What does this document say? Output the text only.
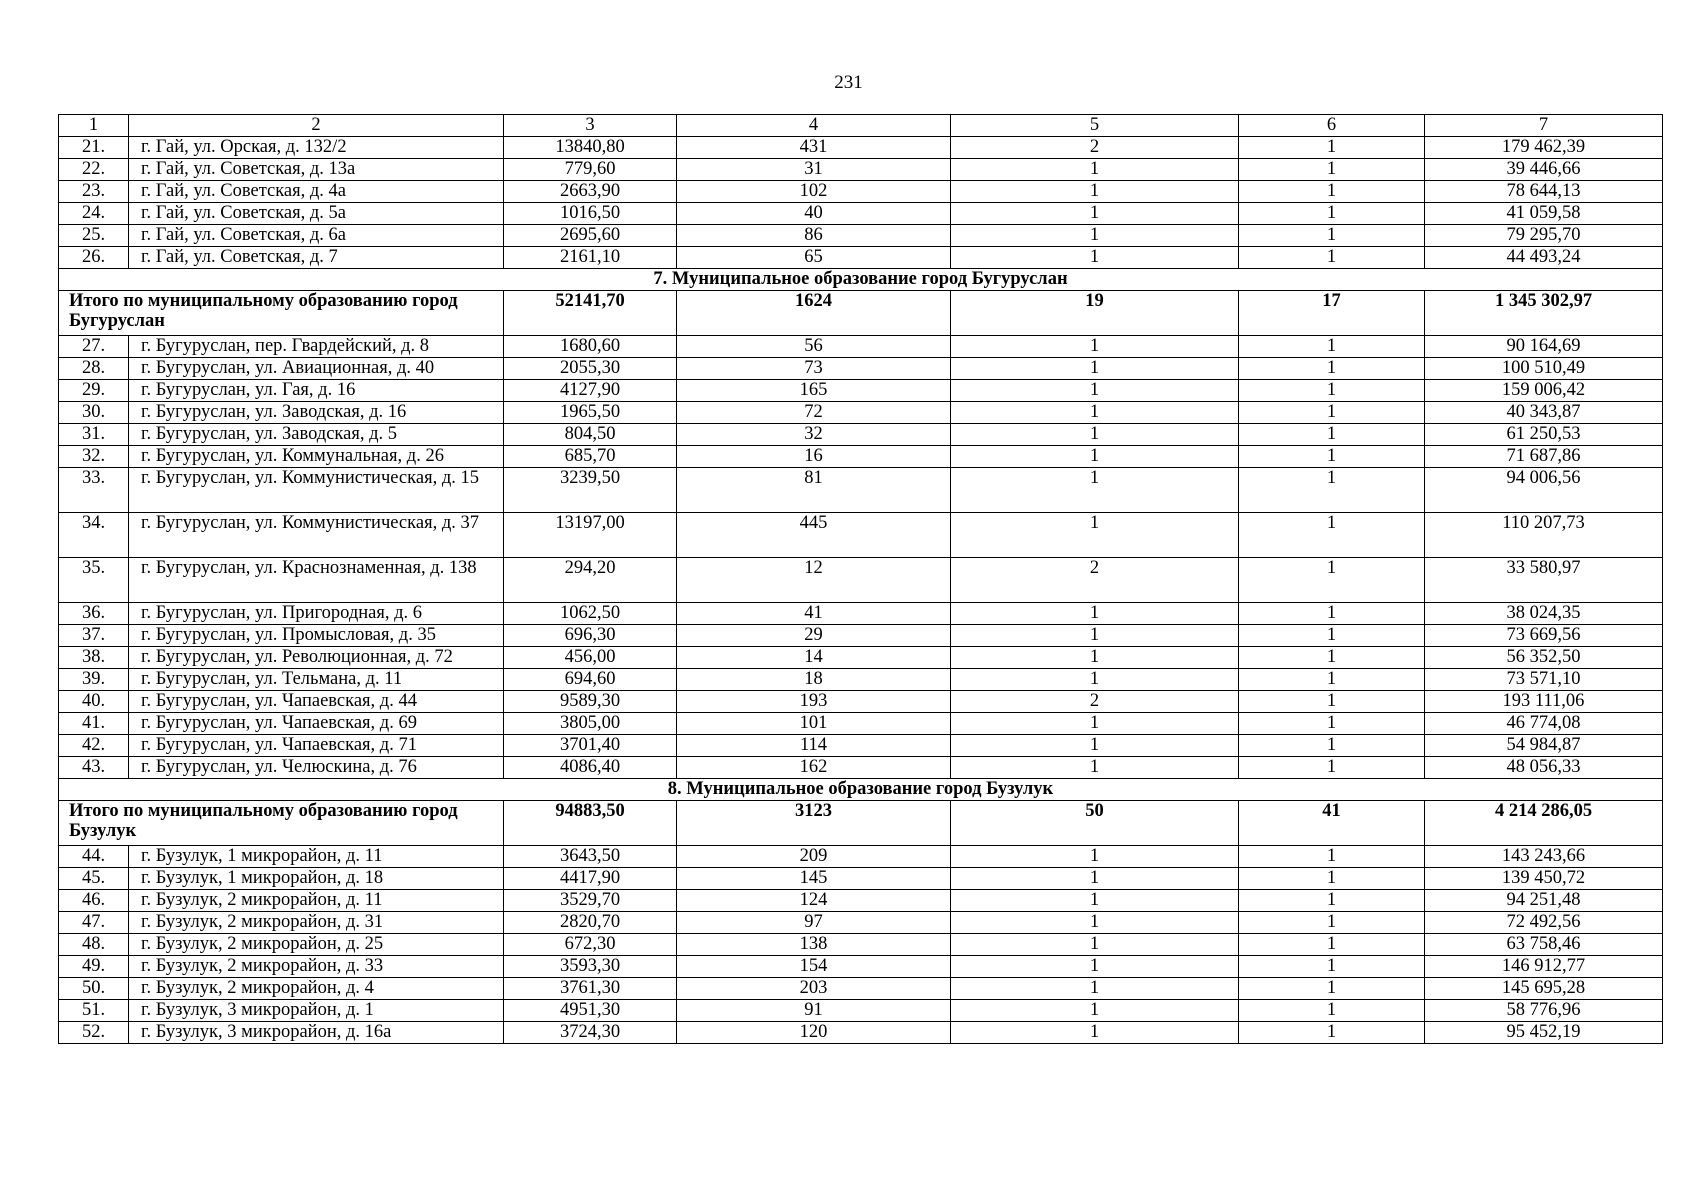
231
1	2	3	4	5	6	7
21.	г. Гай, ул. Орская, д. 132/2	13840,80	431	2	1	179 462,39
22.	г. Гай, ул. Советская, д. 13а	779,60	31	1	1	39 446,66
23.	г. Гай, ул. Советская, д. 4а	2663,90	102	1	1	78 644,13
24.	г. Гай, ул. Советская, д. 5а	1016,50	40	1	1	41 059,58
25.	г. Гай, ул. Советская, д. 6а	2695,60	86	1	1	79 295,70
26.	г. Гай, ул. Советская, д. 7	2161,10	65	1	1	44 493,24
7. Муниципальное образование город Бугуруслан						
Итого по муниципальному образованию город Бугуруслан		52141,70	1624	19	17	1 345 302,97
27.	г. Бугуруслан, пер. Гвардейский, д. 8	1680,60	56	1	1	90 164,69
28.	г. Бугуруслан, ул. Авиационная, д. 40	2055,30	73	1	1	100 510,49
29.	г. Бугуруслан, ул. Гая, д. 16	4127,90	165	1	1	159 006,42
30.	г. Бугуруслан, ул. Заводская, д. 16	1965,50	72	1	1	40 343,87
31.	г. Бугуруслан, ул. Заводская, д. 5	804,50	32	1	1	61 250,53
32.	г. Бугуруслан, ул. Коммунальная, д. 26	685,70	16	1	1	71 687,86
33.	г. Бугуруслан, ул. Коммунистическая, д. 15	3239,50	81	1	1	94 006,56
34.	г. Бугуруслан, ул. Коммунистическая, д. 37	13197,00	445	1	1	110 207,73
35.	г. Бугуруслан, ул. Краснознаменная, д. 138	294,20	12	2	1	33 580,97
36.	г. Бугуруслан, ул. Пригородная, д. 6	1062,50	41	1	1	38 024,35
37.	г. Бугуруслан, ул. Промысловая, д. 35	696,30	29	1	1	73 669,56
38.	г. Бугуруслан, ул. Революционная, д. 72	456,00	14	1	1	56 352,50
39.	г. Бугуруслан, ул. Тельмана, д. 11	694,60	18	1	1	73 571,10
40.	г. Бугуруслан, ул. Чапаевская, д. 44	9589,30	193	2	1	193 111,06
41.	г. Бугуруслан, ул. Чапаевская, д. 69	3805,00	101	1	1	46 774,08
42.	г. Бугуруслан, ул. Чапаевская, д. 71	3701,40	114	1	1	54 984,87
43.	г. Бугуруслан, ул. Челюскина, д. 76	4086,40	162	1	1	48 056,33
8. Муниципальное образование город Бузулук						
Итого по муниципальному образованию город Бузулук		94883,50	3123	50	41	4 214 286,05
44.	г. Бузулук, 1 микрорайон, д. 11	3643,50	209	1	1	143 243,66
45.	г. Бузулук, 1 микрорайон, д. 18	4417,90	145	1	1	139 450,72
46.	г. Бузулук, 2 микрорайон, д. 11	3529,70	124	1	1	94 251,48
47.	г. Бузулук, 2 микрорайон, д. 31	2820,70	97	1	1	72 492,56
48.	г. Бузулук, 2 микрорайон, д. 25	672,30	138	1	1	63 758,46
49.	г. Бузулук, 2 микрорайон, д. 33	3593,30	154	1	1	146 912,77
50.	г. Бузулук, 2 микрорайон, д. 4	3761,30	203	1	1	145 695,28
51.	г. Бузулук, 3 микрорайон, д. 1	4951,30	91	1	1	58 776,96
52.	г. Бузулук, 3 микрорайон, д. 16а	3724,30	120	1	1	95 452,19
